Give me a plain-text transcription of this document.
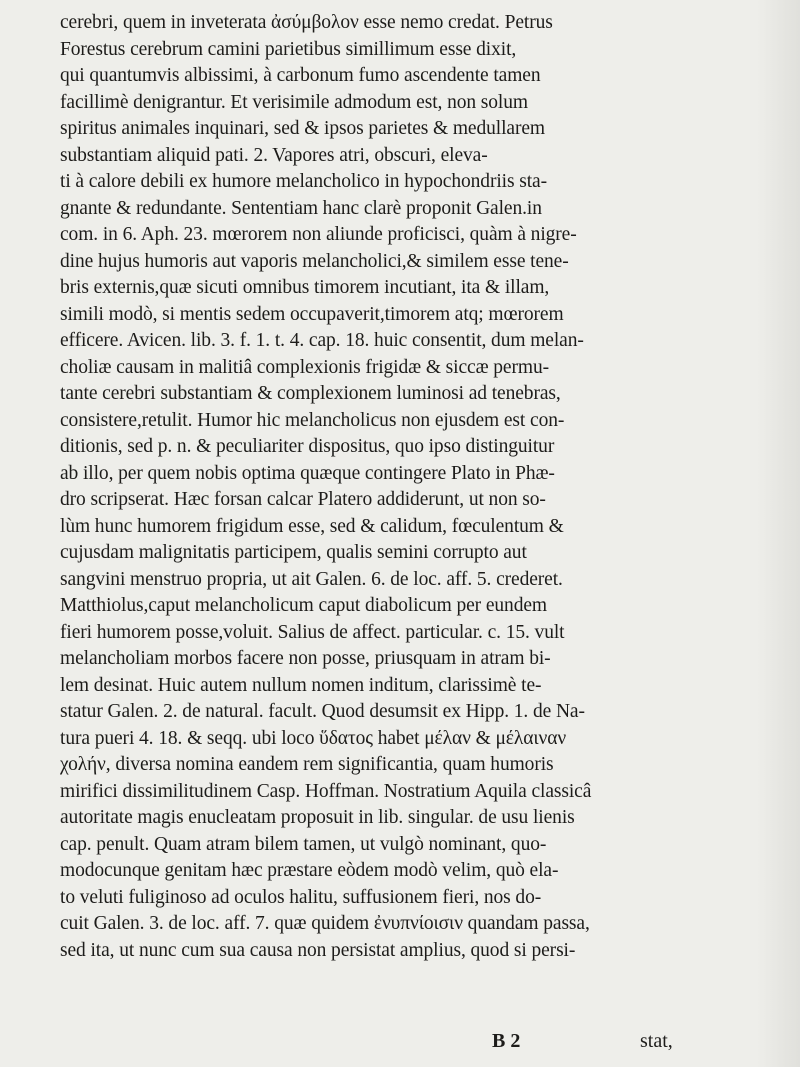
cerebri, quem in inveterata ἀσύμβολον esse nemo credat. Petrus
Forestus cerebrum camini parietibus simillimum esse dixit,
qui quantumvis albissimi, à carbonum fumo ascendente tamen
facillimè denigrantur. Et verisimile admodum est, non solum
spiritus animales inquinari, sed & ipsos parietes & medullarem
substantiam aliquid pati. 2. Vapores atri, obscuri, eleva-
ti à calore debili ex humore melancholico in hypochondriis sta-
gnante & redundante. Sententiam hanc clarè proponit Galen.in
com. in 6. Aph. 23. mœrorem non aliunde proficisci, quàm à nigre-
dine hujus humoris aut vaporis melancholici,& similem esse tene-
bris externis,quæ sicuti omnibus timorem incutiant, ita & illam,
simili modò, si mentis sedem occupaverit,timorem atq; mœrorem
efficere. Avicen. lib. 3. f. 1. t. 4. cap. 18. huic consentit, dum melan-
choliæ causam in malitiâ complexionis frigidæ & siccæ permu-
tante cerebri substantiam & complexionem luminosi ad tenebras,
consistere,retulit. Humor hic melancholicus non ejusdem est con-
ditionis, sed p. n. & peculiariter dispositus, quo ipso distinguitur
ab illo, per quem nobis optima quæque contingere Plato in Phæ-
dro scripserat. Hæc forsan calcar Platero addiderunt, ut non so-
lùm hunc humorem frigidum esse, sed & calidum, fœculentum &
cujusdam malignitatis participem, qualis semini corrupto aut
sangvini menstruo propria, ut ait Galen. 6. de loc. aff. 5. crederet.
Matthiolus,caput melancholicum caput diabolicum per eundem
fieri humorem posse,voluit. Salius de affect. particular. c. 15. vult
melancholiam morbos facere non posse, priusquam in atram bi-
lem desinat. Huic autem nullum nomen inditum, clarissimè te-
statur Galen. 2. de natural. facult. Quod desumsit ex Hipp. 1. de Na-
tura pueri 4. 18. & seqq. ubi loco ὕδατος habet μέλαν & μέλαιναν
χολήν, diversa nomina eandem rem significantia, quam humoris
mirifici dissimilitudinem Casp. Hoffman. Nostratium Aquila classicâ
autoritate magis enucleatam proposuit in lib. singular. de usu lienis
cap. penult. Quam atram bilem tamen, ut vulgò nominant, quo-
modocunque genitam hæc præstare eòdem modò velim, quò ela-
to veluti fuliginoso ad oculos halitu, suffusionem fieri, nos do-
cuit Galen. 3. de loc. aff. 7. quæ quidem ἐνυπνίοισιν quandam passa,
sed ita, ut nunc cum sua causa non persistat amplius, quod si persi-
B 2	stat,
